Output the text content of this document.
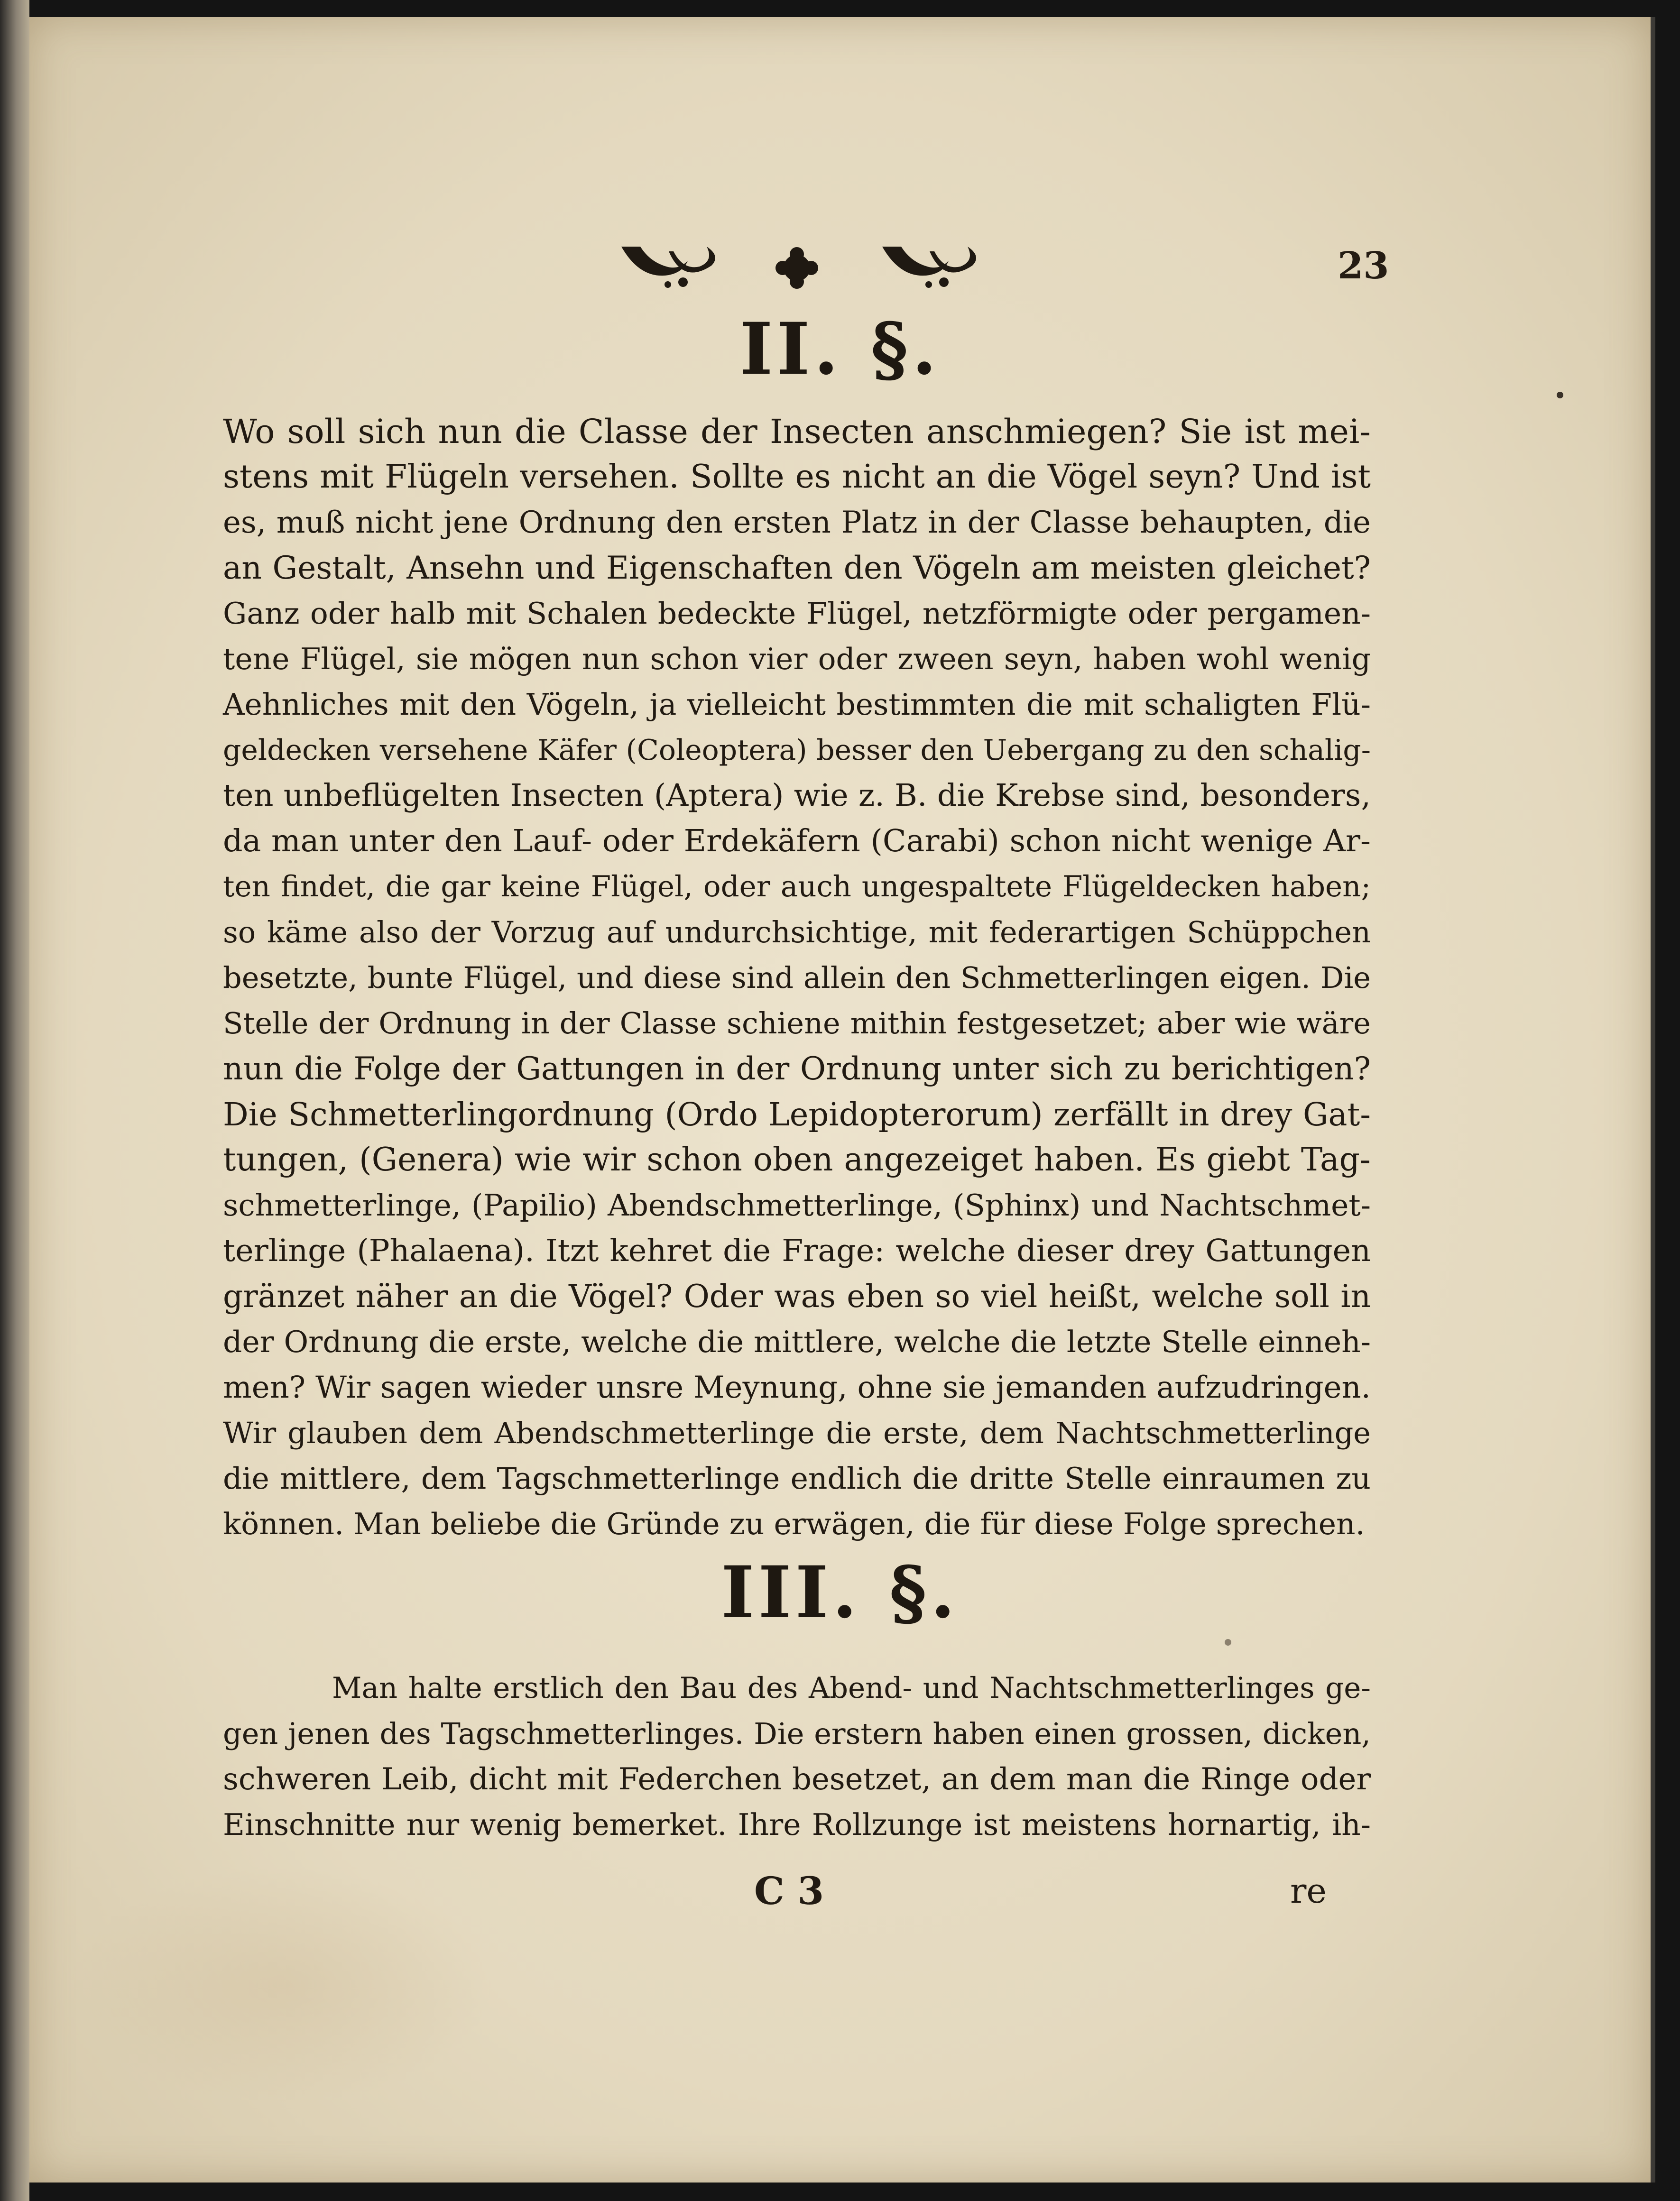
23
II. §.
Wo soll sich nun die Classe der Insecten anschmiegen? Sie ist mei-
stens mit Flügeln versehen. Sollte es nicht an die Vögel seyn? Und ist
es, muß nicht jene Ordnung den ersten Platz in der Classe behaupten, die
an Gestalt, Ansehn und Eigenschaften den Vögeln am meisten gleichet?
Ganz oder halb mit Schalen bedeckte Flügel, netzförmigte oder pergamen-
tene Flügel, sie mögen nun schon vier oder zween seyn, haben wohl wenig
Aehnliches mit den Vögeln, ja vielleicht bestimmten die mit schaligten Flü-
geldecken versehene Käfer (Coleoptera) besser den Uebergang zu den schalig-
ten unbeflügelten Insecten (Aptera) wie z. B. die Krebse sind, besonders,
da man unter den Lauf- oder Erdekäfern (Carabi) schon nicht wenige Ar-
ten findet, die gar keine Flügel, oder auch ungespaltete Flügeldecken haben;
so käme also der Vorzug auf undurchsichtige, mit federartigen Schüppchen
besetzte, bunte Flügel, und diese sind allein den Schmetterlingen eigen. Die
Stelle der Ordnung in der Classe schiene mithin festgesetzet; aber wie wäre
nun die Folge der Gattungen in der Ordnung unter sich zu berichtigen?
Die Schmetterlingordnung (Ordo Lepidopterorum) zerfällt in drey Gat-
tungen, (Genera) wie wir schon oben angezeiget haben. Es giebt Tag-
schmetterlinge, (Papilio) Abendschmetterlinge, (Sphinx) und Nachtschmet-
terlinge (Phalaena). Itzt kehret die Frage: welche dieser drey Gattungen
gränzet näher an die Vögel? Oder was eben so viel heißt, welche soll in
der Ordnung die erste, welche die mittlere, welche die letzte Stelle einneh-
men? Wir sagen wieder unsre Meynung, ohne sie jemanden aufzudringen.
Wir glauben dem Abendschmetterlinge die erste, dem Nachtschmetterlinge
die mittlere, dem Tagschmetterlinge endlich die dritte Stelle einraumen zu
können. Man beliebe die Gründe zu erwägen, die für diese Folge sprechen.
III. §.
Man halte erstlich den Bau des Abend- und Nachtschmetterlinges ge-
gen jenen des Tagschmetterlinges. Die erstern haben einen grossen, dicken,
schweren Leib, dicht mit Federchen besetzet, an dem man die Ringe oder
Einschnitte nur wenig bemerket. Ihre Rollzunge ist meistens hornartig, ih-
C 3	re
